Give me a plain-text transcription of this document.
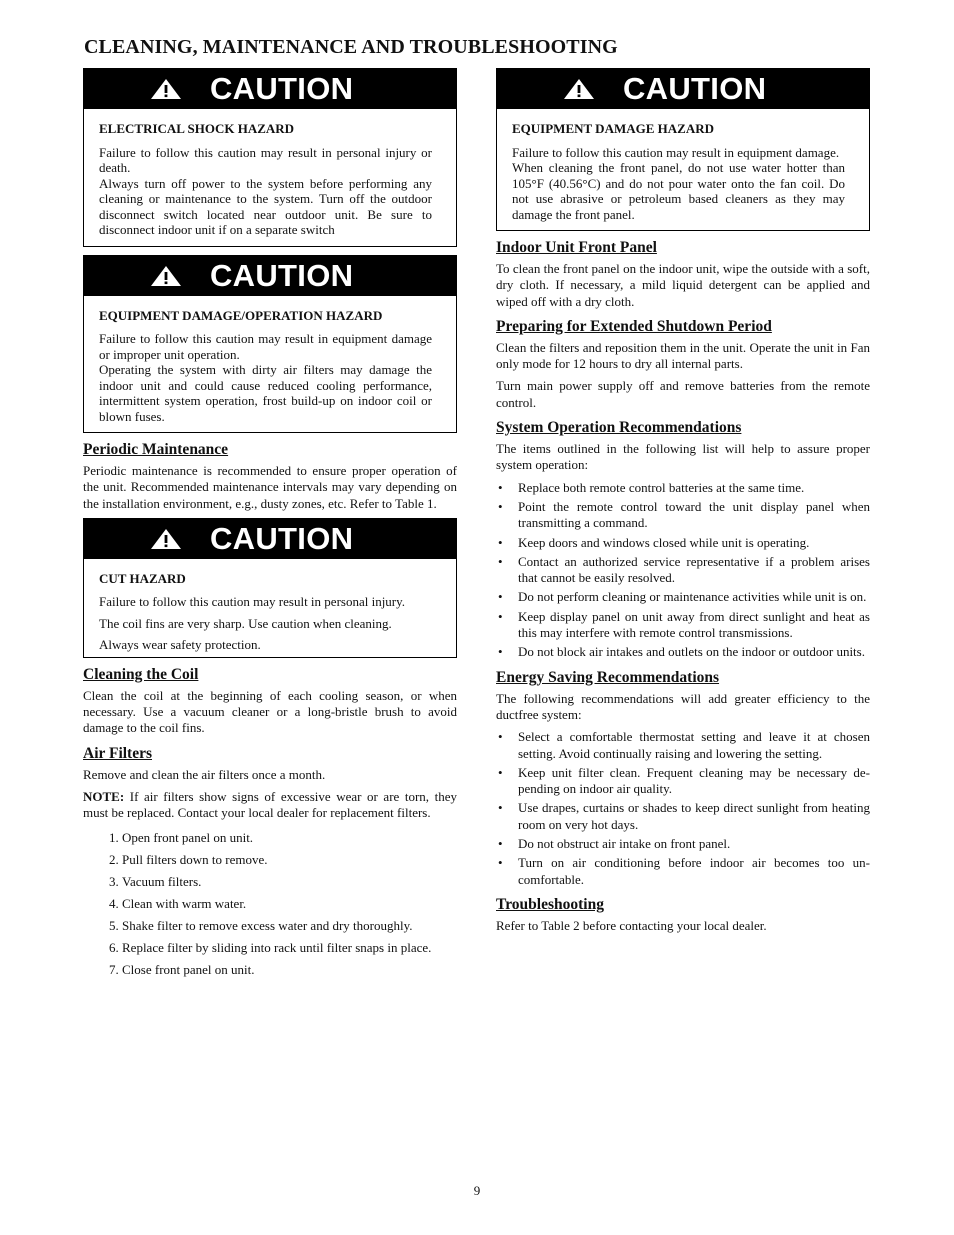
CLEANING, MAINTENANCE AND TROUBLESHOOTING
CAUTION
ELECTRICAL SHOCK HAZARD

Failure to follow this caution may result in personal injury or death.

Always turn off power to the system before performing any cleaning or maintenance to the system. Turn off the outdoor disconnect switch located near outdoor unit. Be sure to disconnect indoor unit if on a separate switch

CAUTION
EQUIPMENT DAMAGE/OPERATION HAZARD

Failure to follow this caution may result in equipment damage or improper unit operation.

Operating the system with dirty air filters may damage the indoor unit and could cause reduced cooling performance, intermittent system operation, frost build-up on indoor coil or blown fuses.

Periodic Maintenance

Periodic maintenance is recommended to ensure proper operation of the unit. Recommended maintenance intervals may vary depending on the installation environment, e.g., dusty zones, etc. Refer to Table 1.

CAUTION
CUT HAZARD

Failure to follow this caution may result in personal injury.

The coil fins are very sharp. Use caution when cleaning.

Always wear safety protection.

Cleaning the Coil

Clean the coil at the beginning of each cooling season, or when necessary. Use a vacuum cleaner or a long-bristle brush to avoid damage to the coil fins.

Air Filters

Remove and clean the air filters once a month.

NOTE: If air filters show signs of excessive wear or are torn, they must be replaced. Contact your local dealer for replacement filters.

1. Open front panel on unit.
2. Pull filters down to remove.
3. Vacuum filters.
4. Clean with warm water.
5. Shake filter to remove excess water and dry thoroughly.
6. Replace filter by sliding into rack until filter snaps in place.
7. Close front panel on unit.
CAUTION
EQUIPMENT DAMAGE HAZARD

Failure to follow this caution may result in equipment damage.

When cleaning the front panel, do not use water hotter than 105°F (40.56°C) and do not pour water onto the fan coil. Do not use abrasive or petroleum based cleaners as they may damage the front panel.

Indoor Unit Front Panel

To clean the front panel on the indoor unit, wipe the outside with a soft, dry cloth. If necessary, a mild liquid detergent can be applied and wiped off with a dry cloth.

Preparing for Extended Shutdown Period

Clean the filters and reposition them in the unit. Operate the unit in Fan only mode for 12 hours to dry all internal parts.

Turn main power supply off and remove batteries from the remote control.

System Operation Recommendations

The items outlined in the following list will help to assure proper system operation:

• Replace both remote control batteries at the same time.
• Point the remote control toward the unit display panel when transmitting a command.
• Keep doors and windows closed while unit is operating.
• Contact an authorized service representative if a problem arises that cannot be easily resolved.
• Do not perform cleaning or maintenance activities while unit is on.
• Keep display panel on unit away from direct sunlight and heat as this may interfere with remote control transmissions.
• Do not block air intakes and outlets on the indoor or outdoor units.
Energy Saving Recommendations

The following recommendations will add greater efficiency to the ductfree system:

• Select a comfortable thermostat setting and leave it at chosen setting. Avoid continually raising and lowering the setting.
• Keep unit filter clean. Frequent cleaning may be necessary de-pending on indoor air quality.
• Use drapes, curtains or shades to keep direct sunlight from heating room on very hot days.
• Do not obstruct air intake on front panel.
• Turn on air conditioning before indoor air becomes too un-comfortable.
Troubleshooting

Refer to Table 2 before contacting your local dealer.

9
